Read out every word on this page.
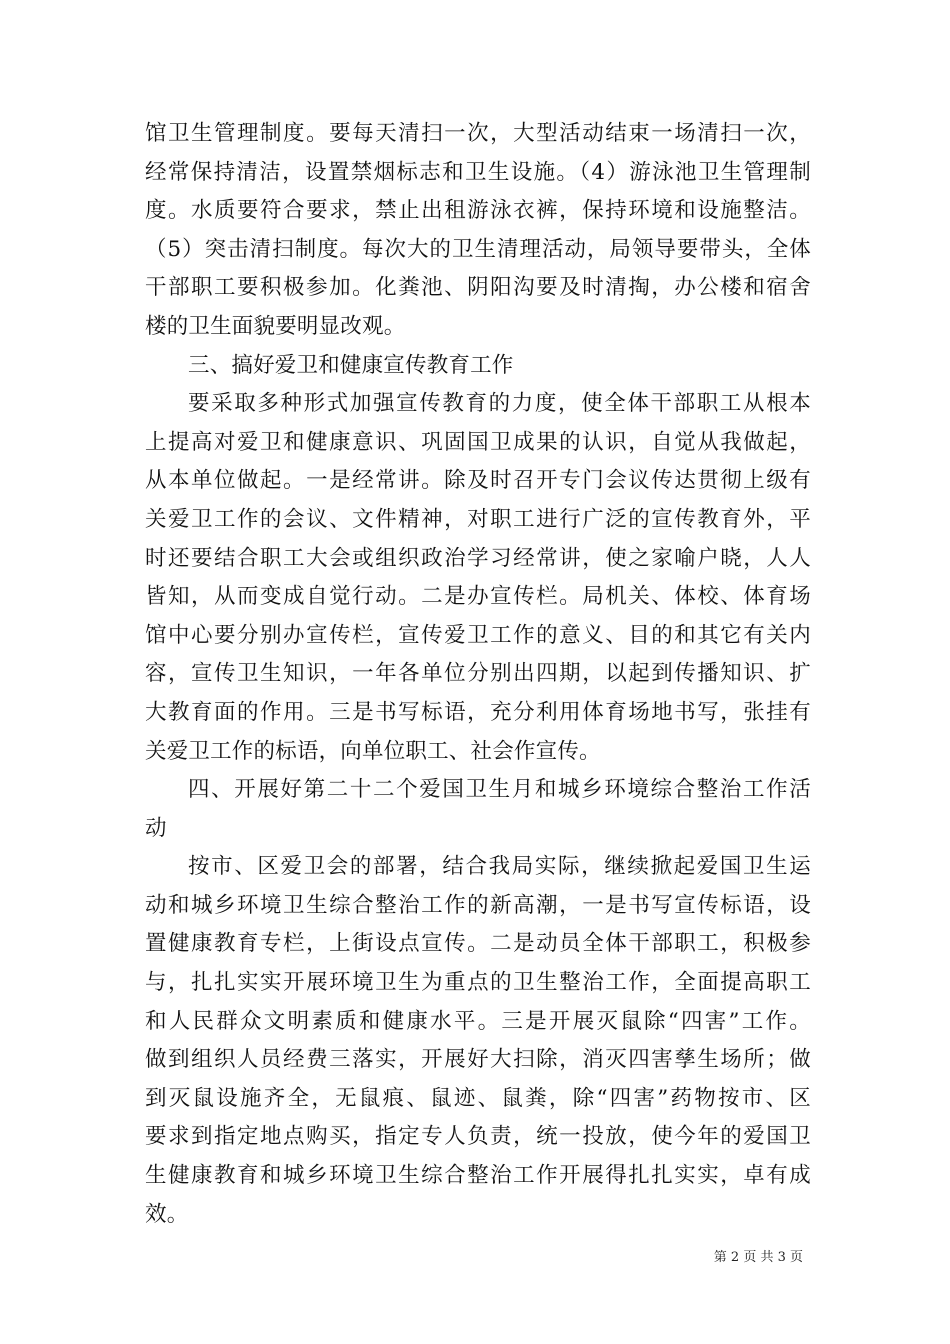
馆卫生管理制度。要每天清扫一次，大型活动结束一场清扫一次，
经常保持清洁，设置禁烟标志和卫生设施。（4）游泳池卫生管理制
度。水质要符合要求，禁止出租游泳衣裤，保持环境和设施整洁。
（5）突击清扫制度。每次大的卫生清理活动，局领导要带头，全体
干部职工要积极参加。化粪池、阴阳沟要及时清掏，办公楼和宿舍
楼的卫生面貌要明显改观。
三、搞好爱卫和健康宣传教育工作
要采取多种形式加强宣传教育的力度，使全体干部职工从根本
上提高对爱卫和健康意识、巩固国卫成果的认识，自觉从我做起，
从本单位做起。一是经常讲。除及时召开专门会议传达贯彻上级有
关爱卫工作的会议、文件精神，对职工进行广泛的宣传教育外，平
时还要结合职工大会或组织政治学习经常讲，使之家喻户晓，人人
皆知，从而变成自觉行动。二是办宣传栏。局机关、体校、体育场
馆中心要分别办宣传栏，宣传爱卫工作的意义、目的和其它有关内
容，宣传卫生知识，一年各单位分别出四期，以起到传播知识、扩
大教育面的作用。三是书写标语，充分利用体育场地书写，张挂有
关爱卫工作的标语，向单位职工、社会作宣传。
四、开展好第二十二个爱国卫生月和城乡环境综合整治工作活
动
按市、区爱卫会的部署，结合我局实际，继续掀起爱国卫生运
动和城乡环境卫生综合整治工作的新高潮，一是书写宣传标语，设
置健康教育专栏，上街设点宣传。二是动员全体干部职工，积极参
与，扎扎实实开展环境卫生为重点的卫生整治工作，全面提高职工
和人民群众文明素质和健康水平。三是开展灭鼠除“四害”工作。
做到组织人员经费三落实，开展好大扫除，消灭四害孳生场所；做
到灭鼠设施齐全，无鼠痕、鼠迹、鼠粪，除“四害”药物按市、区
要求到指定地点购买，指定专人负责，统一投放，使今年的爱国卫
生健康教育和城乡环境卫生综合整治工作开展得扎扎实实，卓有成
效。
第 2 页 共 3 页
